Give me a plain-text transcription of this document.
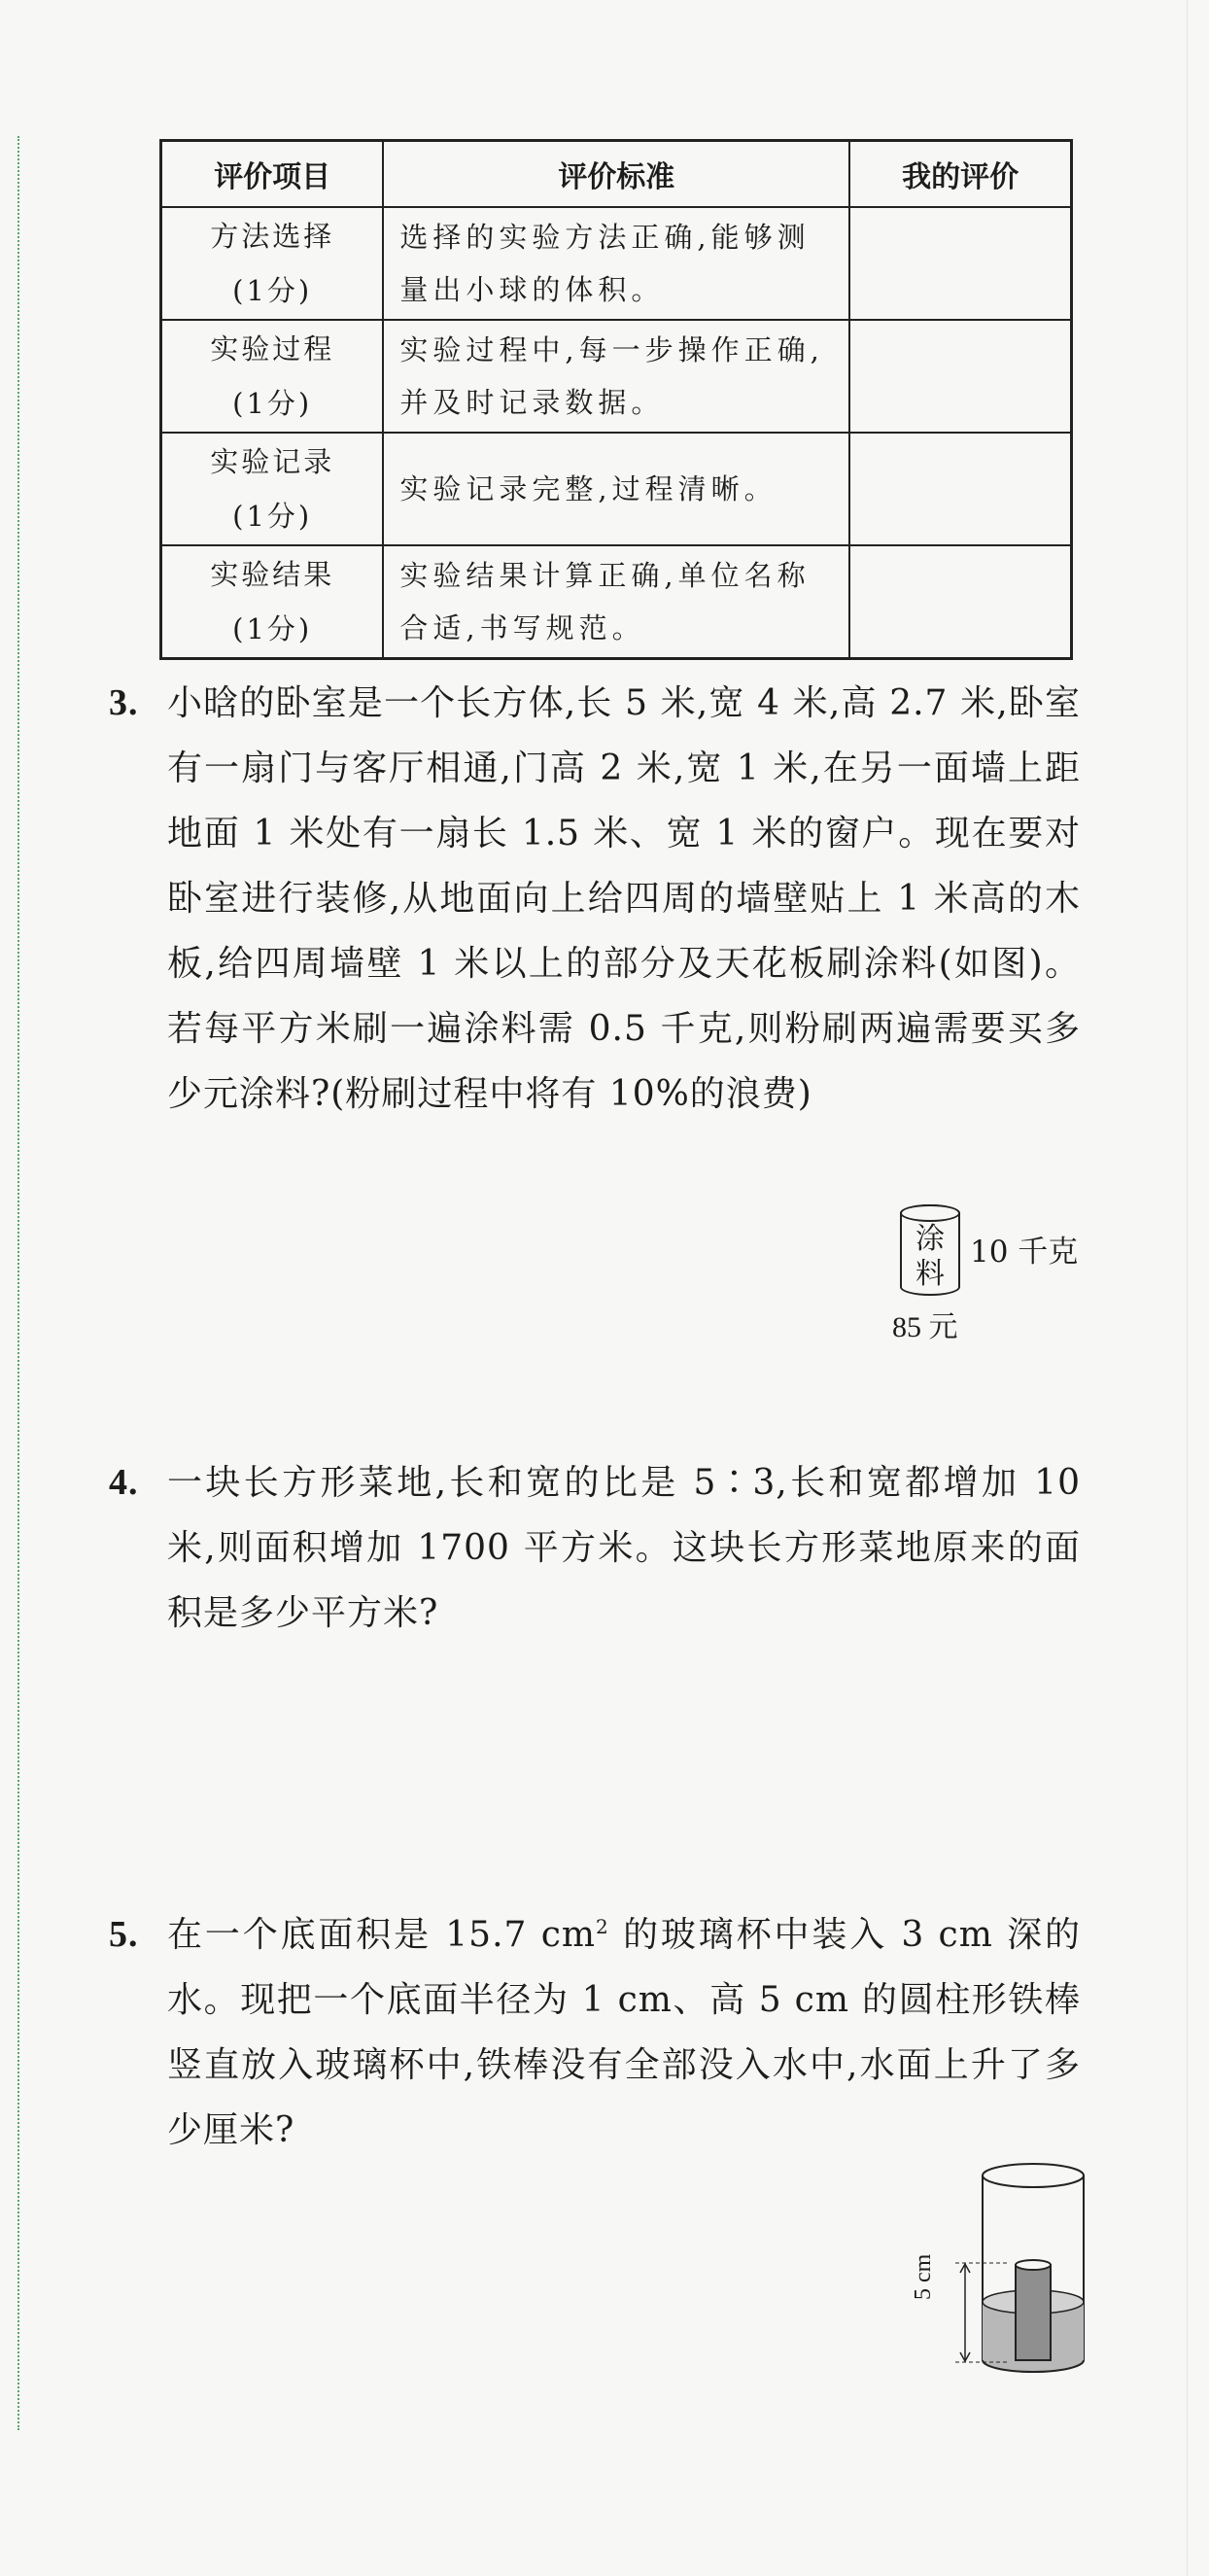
评价项目	评价标准	我的评价

方法选择
(1分)	选择的实验方法正确,能够测量出小球的体积。	

实验过程
(1分)	实验过程中,每一步操作正确,并及时记录数据。	

实验记录
(1分)	实验记录完整,过程清晰。	

实验结果
(1分)	实验结果计算正确,单位名称合适,书写规范。	
3. 小晗的卧室是一个长方体,长 5 米,宽 4 米,高 2.7 米,卧室有一扇门与客厅相通,门高 2 米,宽 1 米,在另一面墙上距地面 1 米处有一扇长 1.5 米、宽 1 米的窗户。现在要对卧室进行装修,从地面向上给四周的墙壁贴上 1 米高的木板,给四周墙壁 1 米以上的部分及天花板刷涂料(如图)。若每平方米刷一遍涂料需 0.5 千克,则粉刷两遍需要买多少元涂料?(粉刷过程中将有 10%的浪费)
涂
料
10 千克
85 元
4. 一块长方形菜地,长和宽的比是 5∶3,长和宽都增加 10 米,则面积增加 1700 平方米。这块长方形菜地原来的面积是多少平方米?
5. 在一个底面积是 15.7 $cm^2$ 的玻璃杯中装入 3 cm 深的水。现把一个底面半径为 1 cm、高 5 cm 的圆柱形铁棒竖直放入玻璃杯中,铁棒没有全部没入水中,水面上升了多少厘米?
5 cm
